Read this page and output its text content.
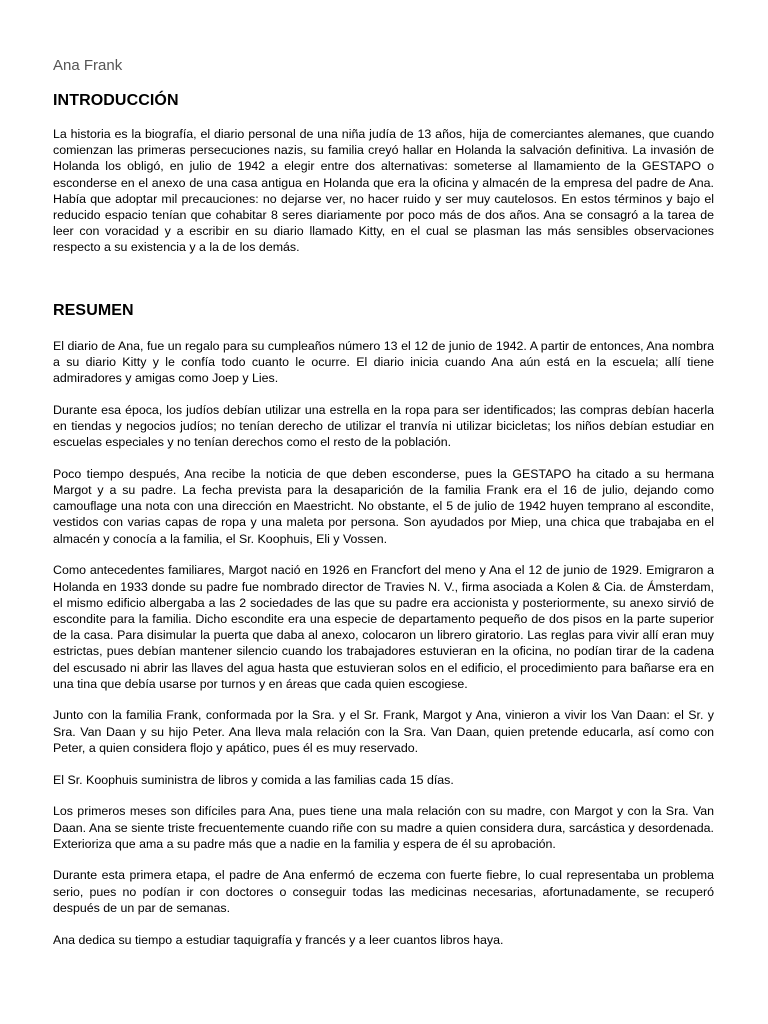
Ana Frank
INTRODUCCIÓN

La historia es la biografía, el diario personal de una niña judía de 13 años, hija de comerciantes alemanes, que cuando comienzan las primeras persecuciones nazis, su familia creyó hallar en Holanda la salvación definitiva. La invasión de Holanda los obligó, en julio de 1942 a elegir entre dos alternativas: someterse al llamamiento de la GESTAPO o esconderse en el anexo de una casa antigua en Holanda que era la oficina y almacén de la empresa del padre de Ana. Había que adoptar mil precauciones: no dejarse ver, no hacer ruido y ser muy cautelosos. En estos términos y bajo el reducido espacio tenían que cohabitar 8 seres diariamente por poco más de dos años. Ana se consagró a la tarea de leer con voracidad y a escribir en su diario llamado Kitty, en el cual se plasman las más sensibles observaciones respecto a su existencia y a la de los demás.

RESUMEN

El diario de Ana, fue un regalo para su cumpleaños número 13 el 12 de junio de 1942. A partir de entonces, Ana nombra a su diario Kitty y le confía todo cuanto le ocurre. El diario inicia cuando Ana aún está en la escuela; allí tiene admiradores y amigas como Joep y Lies.

Durante esa época, los judíos debían utilizar una estrella en la ropa para ser identificados; las compras debían hacerla en tiendas y negocios judíos; no tenían derecho de utilizar el tranvía ni utilizar bicicletas; los niños debían estudiar en escuelas especiales y no tenían derechos como el resto de la población.

Poco tiempo después, Ana recibe la noticia de que deben esconderse, pues la GESTAPO ha citado a su hermana Margot y a su padre. La fecha prevista para la desaparición de la familia Frank era el 16 de julio, dejando como camouflage una nota con una dirección en Maestricht. No obstante, el 5 de julio de 1942 huyen temprano al escondite, vestidos con varias capas de ropa y una maleta por persona. Son ayudados por Miep, una chica que trabajaba en el almacén y conocía a la familia, el Sr. Koophuis, Eli y Vossen.

Como antecedentes familiares, Margot nació en 1926 en Francfort del meno y Ana el 12 de junio de 1929. Emigraron a Holanda en 1933 donde su padre fue nombrado director de Travies N. V., firma asociada a Kolen & Cia. de Ámsterdam, el mismo edificio albergaba a las 2 sociedades de las que su padre era accionista y posteriormente, su anexo sirvió de escondite para la familia. Dicho escondite era una especie de departamento pequeño de dos pisos en la parte superior de la casa. Para disimular la puerta que daba al anexo, colocaron un librero giratorio. Las reglas para vivir allí eran muy estrictas, pues debían mantener silencio cuando los trabajadores estuvieran en la oficina, no podían tirar de la cadena del escusado ni abrir las llaves del agua hasta que estuvieran solos en el edificio, el procedimiento para bañarse era en una tina que debía usarse por turnos y en áreas que cada quien escogiese.

Junto con la familia Frank, conformada por la Sra. y el Sr. Frank, Margot y Ana, vinieron a vivir los Van Daan: el Sr. y Sra. Van Daan y su hijo Peter. Ana lleva mala relación con la Sra. Van Daan, quien pretende educarla, así como con Peter, a quien considera flojo y apático, pues él es muy reservado.

El Sr. Koophuis suministra de libros y comida a las familias cada 15 días.

Los primeros meses son difíciles para Ana, pues tiene una mala relación con su madre, con Margot y con la Sra. Van Daan. Ana se siente triste frecuentemente cuando riñe con su madre a quien considera dura, sarcástica y desordenada. Exterioriza que ama a su padre más que a nadie en la familia y espera de él su aprobación.

Durante esta primera etapa, el padre de Ana enfermó de eczema con fuerte fiebre, lo cual representaba un problema serio, pues no podían ir con doctores o conseguir todas las medicinas necesarias, afortunadamente, se recuperó después de un par de semanas.

Ana dedica su tiempo a estudiar taquigrafía y francés y a leer cuantos libros haya.
